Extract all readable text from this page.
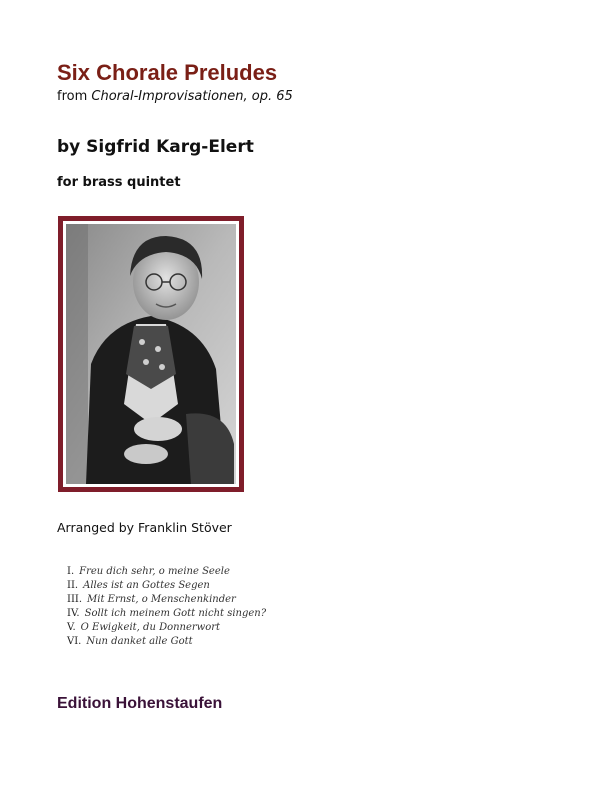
Six Chorale Preludes
from Choral-Improvisationen, op. 65
by Sigfrid Karg-Elert
for brass quintet
Arranged by Franklin Stöver
I. Freu dich sehr, o meine Seele
II. Alles ist an Gottes Segen
III. Mit Ernst, o Menschenkinder
IV. Sollt ich meinem Gott nicht singen?
V. O Ewigkeit, du Donnerwort
VI. Nun danket alle Gott
Edition Hohenstaufen
